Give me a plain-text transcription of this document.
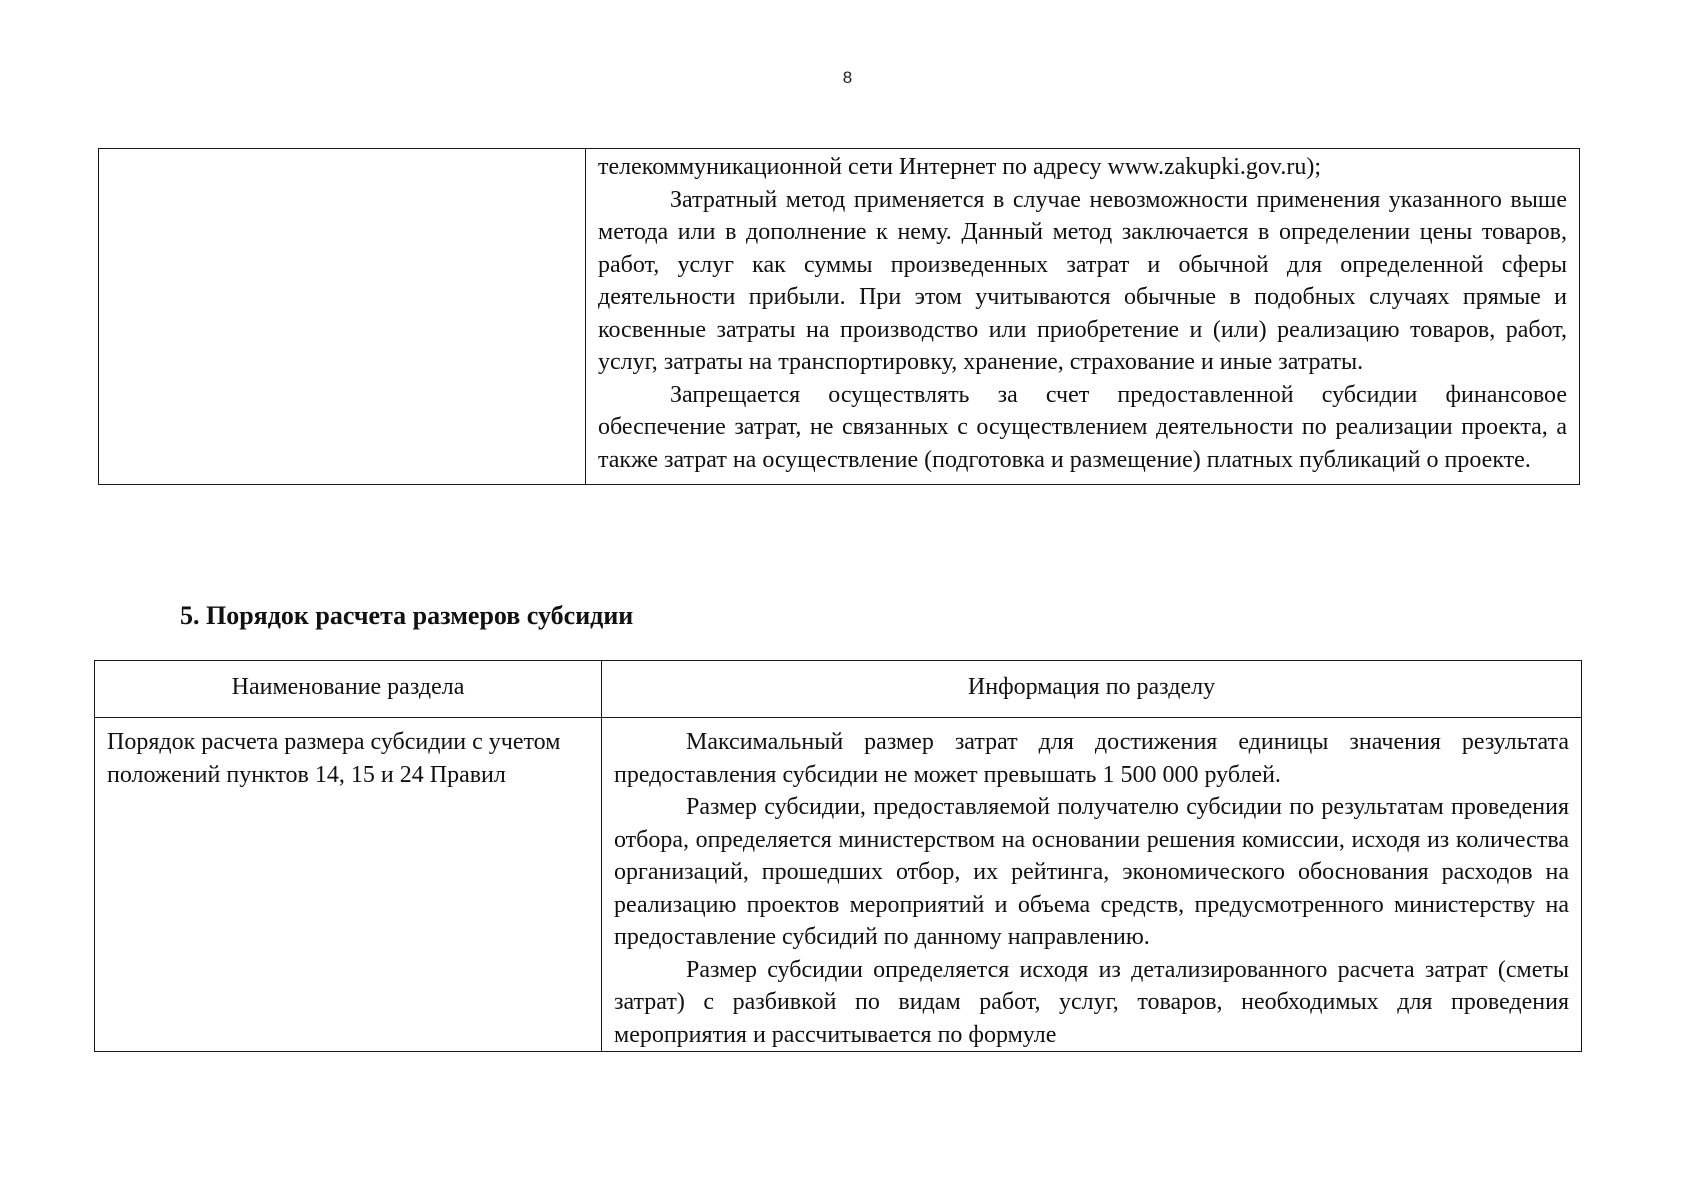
8

телекоммуникационной сети Интернет по адресу www.zakupki.gov.ru);

Затратный метод применяется в случае невозможности применения указанного выше метода или в дополнение к нему. Данный метод заключается в определении цены товаров, работ, услуг как суммы произведенных затрат и обычной для определенной сферы деятельности прибыли. При этом учитываются обычные в подобных случаях прямые и косвенные затраты на производство или приобретение и (или) реализацию товаров, работ, услуг, затраты на транспортировку, хранение, страхование и иные затраты.

Запрещается осуществлять за счет предоставленной субсидии финансовое обеспечение затрат, не связанных с осуществлением деятельности по реализации проекта, а также затрат на осуществление (подготовка и размещение) платных публикаций о проекте.

5. Порядок расчета размеров субсидии
Наименование раздела	Информация по разделу

Порядок расчета размера субсидии с учетом положений пунктов 14, 15 и 24 Правил	Максимальный размер затрат для достижения единицы значения результата предоставления субсидии не может превышать 1 500 000 рублей.

Размер субсидии, предоставляемой получателю субсидии по результатам проведения отбора, определяется министерством на основании решения комиссии, исходя из количества организаций, прошедших отбор, их рейтинга, экономического обоснования расходов на реализацию проектов мероприятий и объема средств, предусмотренного министерству на предоставление субсидий по данному направлению.

Размер субсидии определяется исходя из детализированного расчета затрат (сметы затрат) с разбивкой по видам работ, услуг, товаров, необходимых для проведения мероприятия и рассчитывается по формуле
